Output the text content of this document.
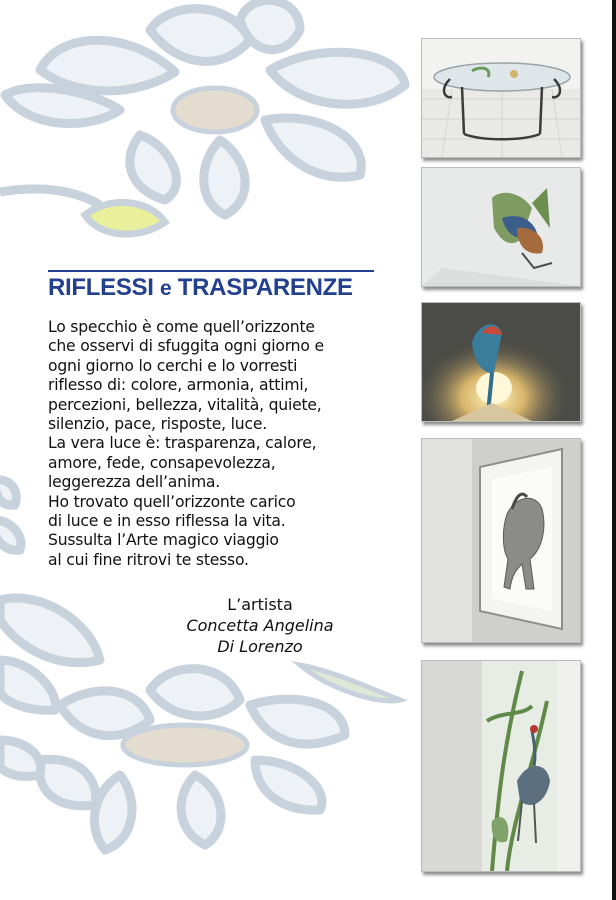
RIFLESSI e TRASPARENZE
Lo specchio è come quell’orizzonte
che osservi di sfuggita ogni giorno e
ogni giorno lo cerchi e lo vorresti
riflesso di: colore, armonia, attimi,
percezioni, bellezza, vitalità, quiete,
silenzio, pace, risposte, luce.
La vera luce è: trasparenza, calore,
amore, fede, consapevolezza,
leggerezza dell’anima.
Ho trovato quell’orizzonte carico
di luce e in esso riflessa la vita.
Sussulta l’Arte magico viaggio
al cui fine ritrovi te stesso.
L’artista
Concetta Angelina
Di Lorenzo
